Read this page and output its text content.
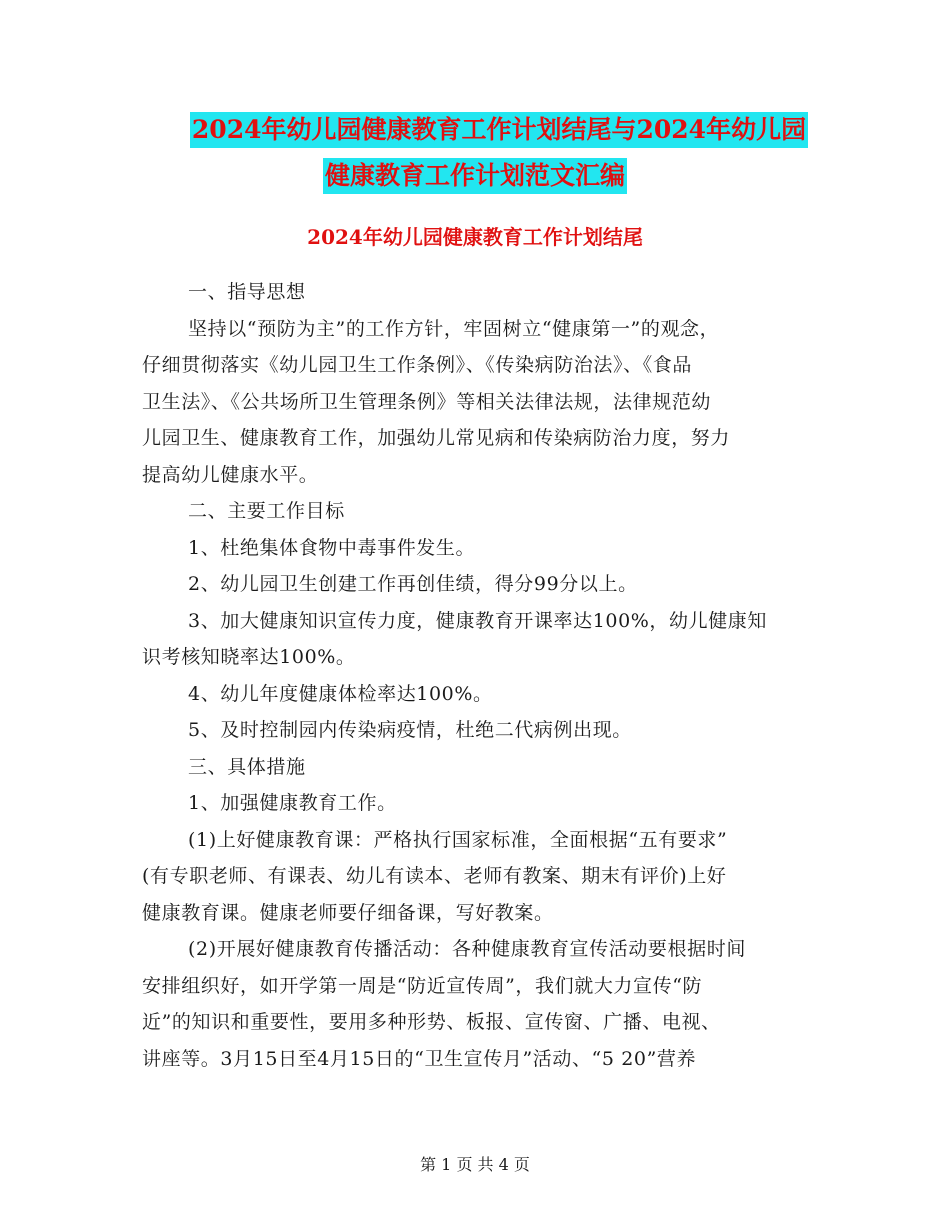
2024年幼儿园健康教育工作计划结尾与2024年幼儿园
健康教育工作计划范文汇编
2024年幼儿园健康教育工作计划结尾

一、指导思想

坚持以“预防为主”的工作方针，牢固树立“健康第一”的观念，

仔细贯彻落实《幼儿园卫生工作条例》、《传染病防治法》、《食品

卫生法》、《公共场所卫生管理条例》等相关法律法规，法律规范幼

儿园卫生、健康教育工作，加强幼儿常见病和传染病防治力度，努力

提高幼儿健康水平。

二、主要工作目标

1、杜绝集体食物中毒事件发生。

2、幼儿园卫生创建工作再创佳绩，得分99分以上。

3、加大健康知识宣传力度，健康教育开课率达100%，幼儿健康知

识考核知晓率达100%。

4、幼儿年度健康体检率达100%。

5、及时控制园内传染病疫情，杜绝二代病例出现。

三、具体措施

1、加强健康教育工作。

(1)上好健康教育课：严格执行国家标准，全面根据“五有要求”

(有专职老师、有课表、幼儿有读本、老师有教案、期末有评价)上好

健康教育课。健康老师要仔细备课，写好教案。

(2)开展好健康教育传播活动：各种健康教育宣传活动要根据时间

安排组织好，如开学第一周是“防近宣传周”，我们就大力宣传“防

近”的知识和重要性，要用多种形势、板报、宣传窗、广播、电视、

讲座等。3月15日至4月15日的“卫生宣传月”活动、“5 20”营养

第 1 页 共 4 页
